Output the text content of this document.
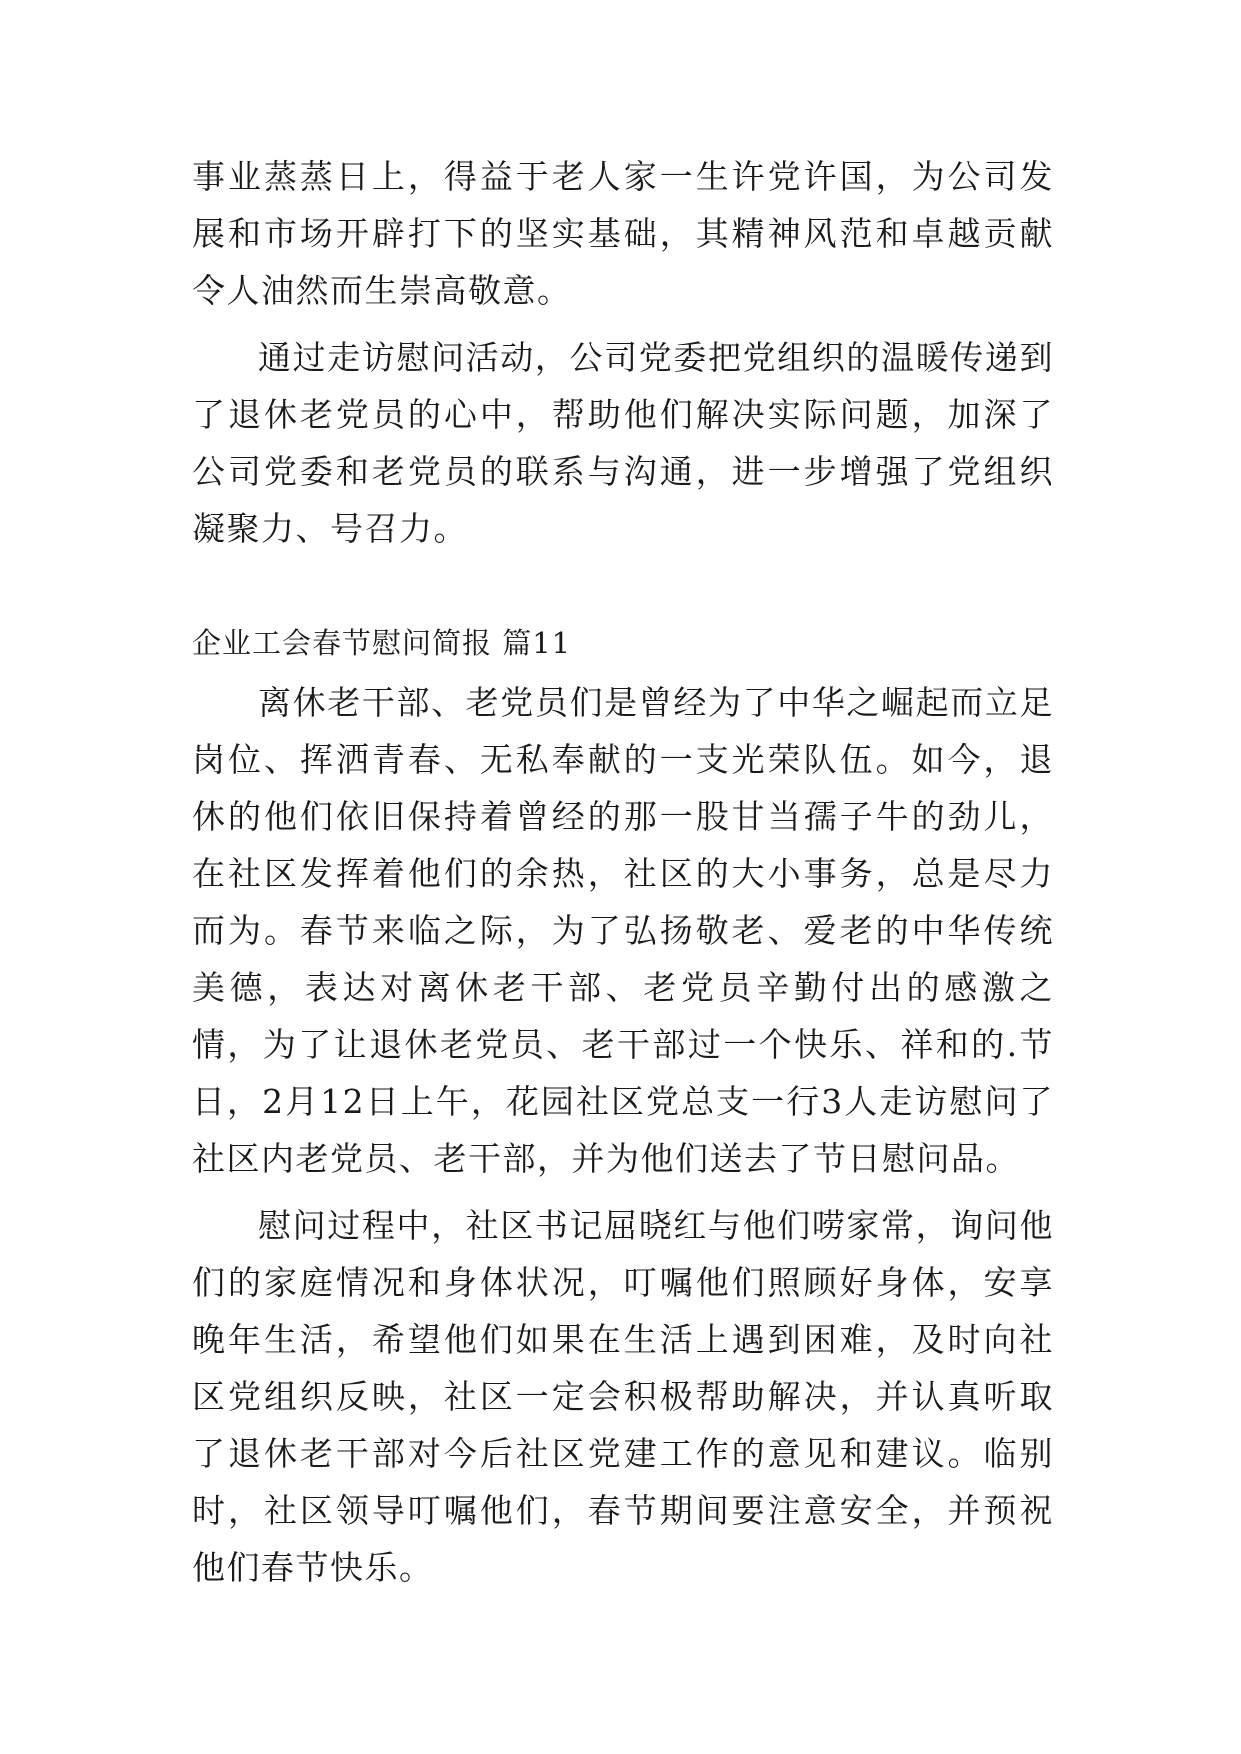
事业蒸蒸日上，得益于老人家一生许党许国，为公司发展和市场开辟打下的坚实基础，其精神风范和卓越贡献令人油然而生崇高敬意。

通过走访慰问活动，公司党委把党组织的温暖传递到了退休老党员的心中，帮助他们解决实际问题，加深了公司党委和老党员的联系与沟通，进一步增强了党组织凝聚力、号召力。

企业工会春节慰问简报 篇11

离休老干部、老党员们是曾经为了中华之崛起而立足岗位、挥洒青春、无私奉献的一支光荣队伍。如今，退休的他们依旧保持着曾经的那一股甘当孺子牛的劲儿，在社区发挥着他们的余热，社区的大小事务，总是尽力而为。春节来临之际，为了弘扬敬老、爱老的中华传统美德，表达对离休老干部、老党员辛勤付出的感激之情，为了让退休老党员、老干部过一个快乐、祥和的.节日，2月12日上午，花园社区党总支一行3人走访慰问了社区内老党员、老干部，并为他们送去了节日慰问品。

慰问过程中，社区书记屈晓红与他们唠家常，询问他们的家庭情况和身体状况，叮嘱他们照顾好身体，安享晚年生活，希望他们如果在生活上遇到困难，及时向社区党组织反映，社区一定会积极帮助解决，并认真听取了退休老干部对今后社区党建工作的意见和建议。临别时，社区领导叮嘱他们，春节期间要注意安全，并预祝他们春节快乐。
